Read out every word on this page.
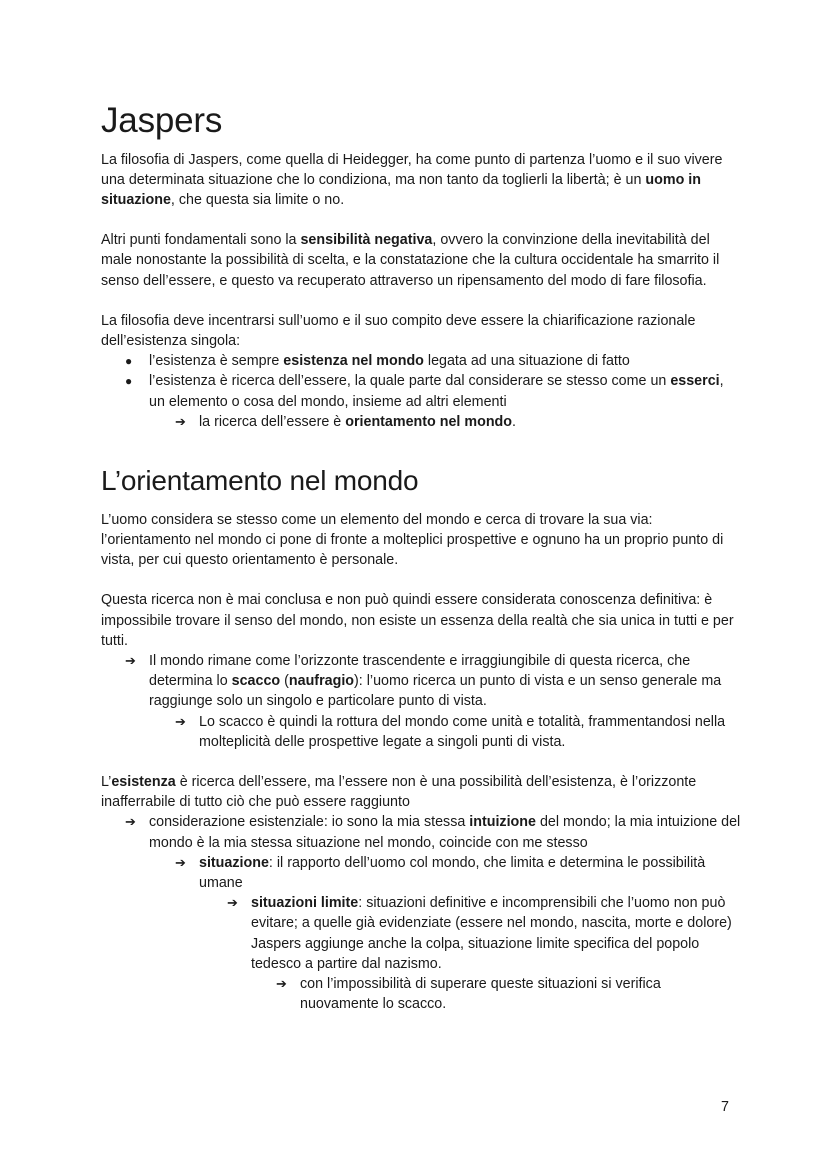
Jaspers

La filosofia di Jaspers, come quella di Heidegger, ha come punto di partenza l’uomo e il suo vivere una determinata situazione che lo condiziona, ma non tanto da toglierli la libertà; è un uomo in situazione, che questa sia limite o no.

Altri punti fondamentali sono la sensibilità negativa, ovvero la convinzione della inevitabilità del male nonostante la possibilità di scelta, e la constatazione che la cultura occidentale ha smarrito il senso dell’essere, e questo va recuperato attraverso un ripensamento del modo di fare filosofia.

La filosofia deve incentrarsi sull’uomo e il suo compito deve essere la chiarificazione razionale dell’esistenza singola:

●	l’esistenza è sempre esistenza nel mondo legata ad una situazione di fatto
●	l’esistenza è ricerca dell’essere, la quale parte dal considerare se stesso come un esserci, un elemento o cosa del mondo, insieme ad altri elementi
➔ la ricerca dell’essere è orientamento nel mondo.
L’orientamento nel mondo

L’uomo considera se stesso come un elemento del mondo e cerca di trovare la sua via: l’orientamento nel mondo ci pone di fronte a molteplici prospettive e ognuno ha un proprio punto di vista, per cui questo orientamento è personale.

Questa ricerca non è mai conclusa e non può quindi essere considerata conoscenza definitiva: è impossibile trovare il senso del mondo, non esiste un essenza della realtà che sia unica in tutti e per tutti.

➔ Il mondo rimane come l’orizzonte trascendente e irraggiungibile di questa ricerca, che determina lo scacco (naufragio): l’uomo ricerca un punto di vista e un senso generale ma raggiunge solo un singolo e particolare punto di vista.
➔ Lo scacco è quindi la rottura del mondo come unità e totalità, frammentandosi nella molteplicità delle prospettive legate a singoli punti di vista.

L’esistenza è ricerca dell’essere, ma l’essere non è una possibilità dell’esistenza, è l’orizzonte inafferrabile di tutto ciò che può essere raggiunto

➔ considerazione esistenziale: io sono la mia stessa intuizione del mondo; la mia intuizione del mondo è la mia stessa situazione nel mondo, coincide con me stesso
➔ situazione: il rapporto dell’uomo col mondo, che limita e determina le possibilità umane
➔ situazioni limite: situazioni definitive e incomprensibili che l’uomo non può evitare; a quelle già evidenziate (essere nel mondo, nascita, morte e dolore) Jaspers aggiunge anche la colpa, situazione limite specifica del popolo tedesco a partire dal nazismo.
➔ con l’impossibilità di superare queste situazioni si verifica nuovamente lo scacco.
7
